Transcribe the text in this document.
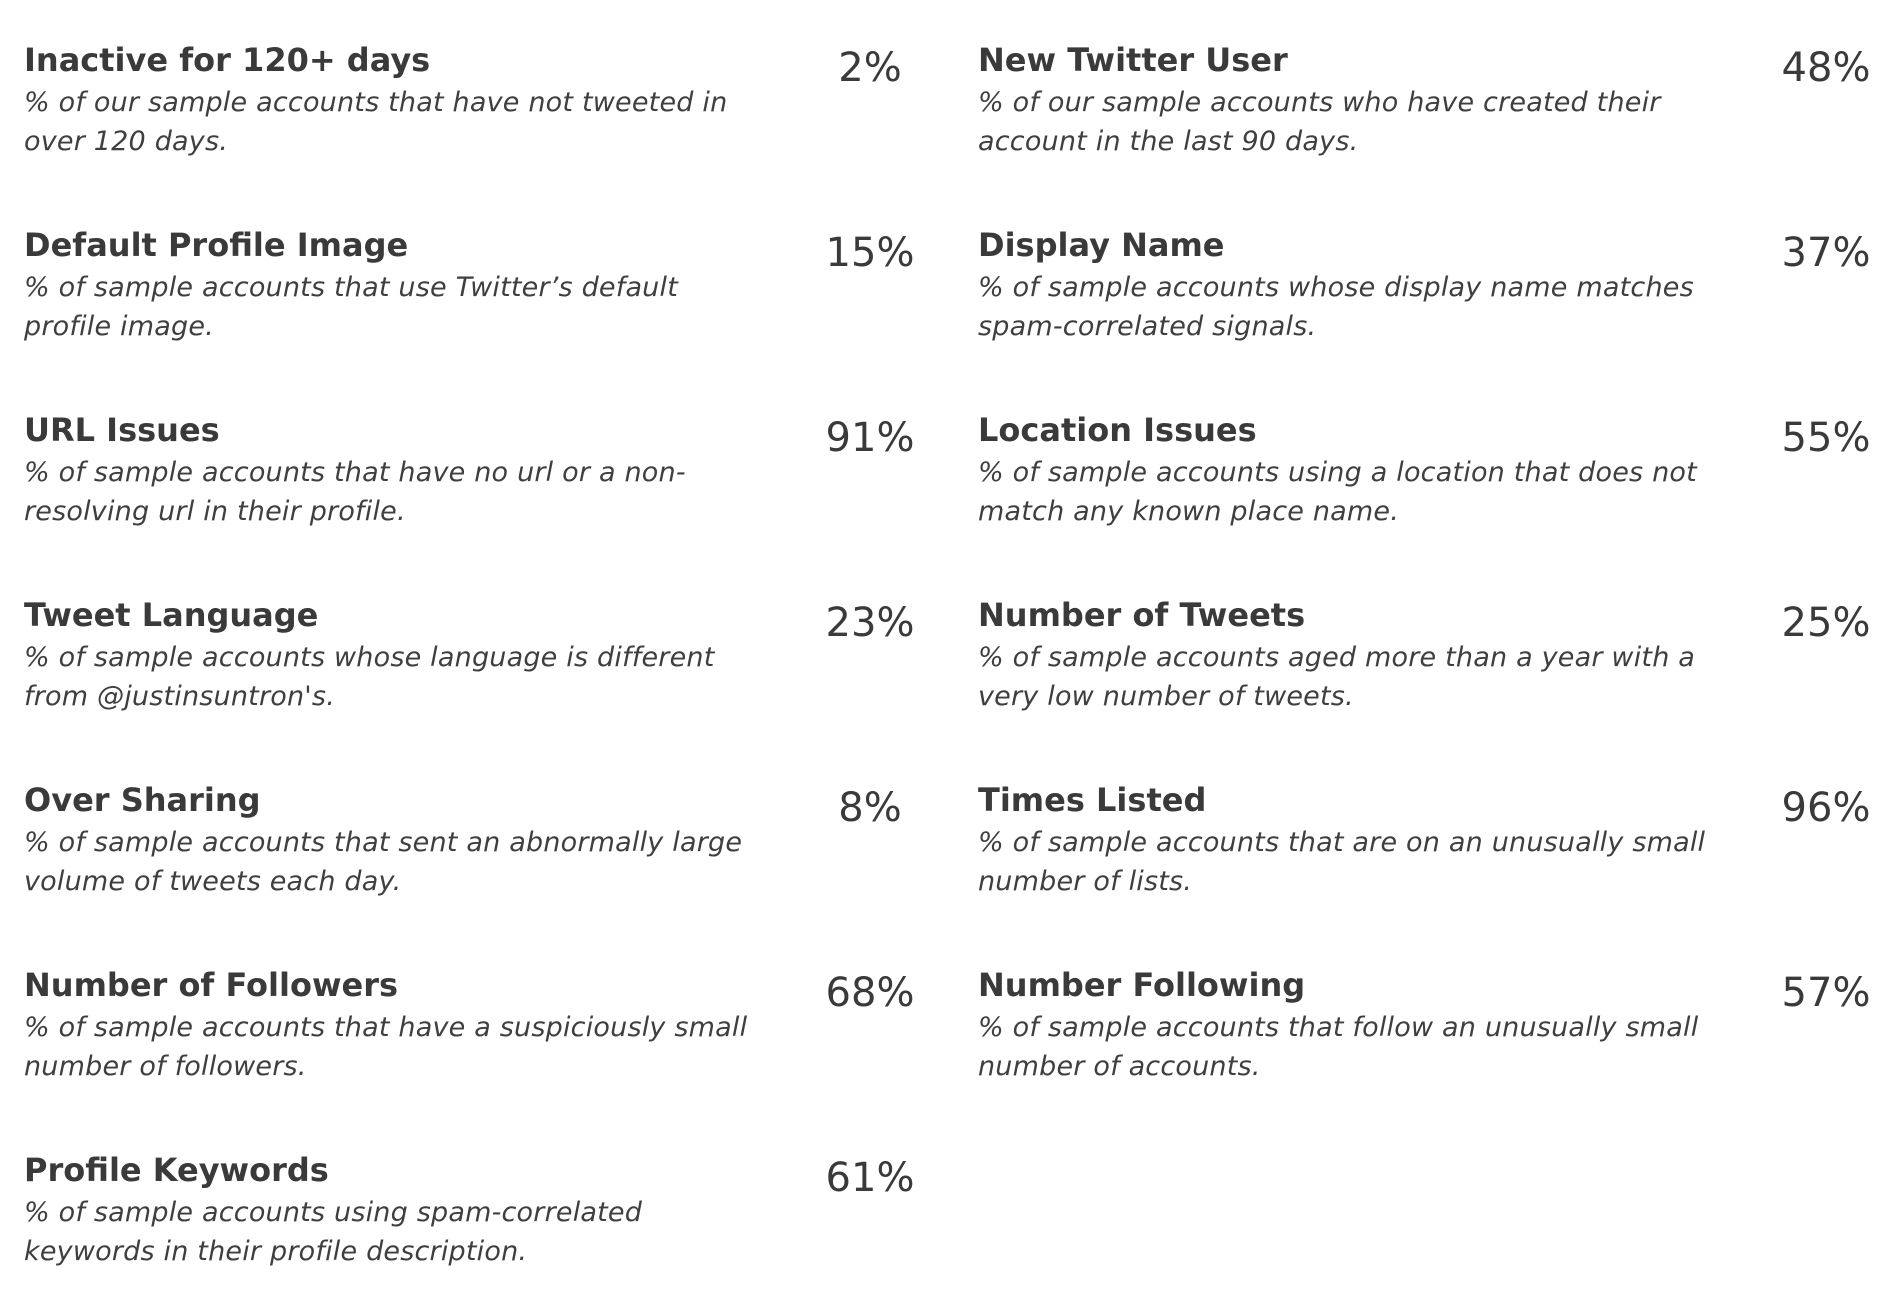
Inactive for 120+ days

% of our sample accounts that have not tweeted in over 120 days.

2%
Default Profile Image

% of sample accounts that use Twitter’s default profile image.

15%
URL Issues

% of sample accounts that have no url or a non-resolving url in their profile.

91%
Tweet Language

% of sample accounts whose language is different from @justinsuntron's.

23%
Over Sharing

% of sample accounts that sent an abnormally large volume of tweets each day.

8%
Number of Followers

% of sample accounts that have a suspiciously small number of followers.

68%
Profile Keywords

% of sample accounts using spam-correlated keywords in their profile description.

61%
New Twitter User

% of our sample accounts who have created their account in the last 90 days.

48%
Display Name

% of sample accounts whose display name matches spam-correlated signals.

37%
Location Issues

% of sample accounts using a location that does not match any known place name.

55%
Number of Tweets

% of sample accounts aged more than a year with a very low number of tweets.

25%
Times Listed

% of sample accounts that are on an unusually small number of lists.

96%
Number Following

% of sample accounts that follow an unusually small number of accounts.

57%
